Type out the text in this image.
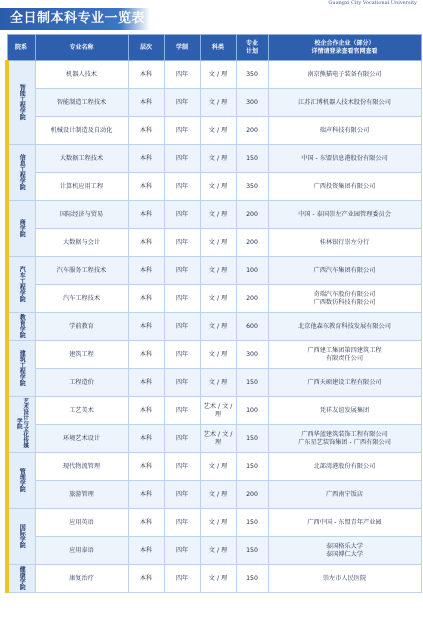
全日制本科专业一览表
Guangxi City Vocational University
院系	专业名称	层次	学制	科类	专业
计划	校企合作企业（部分）
详情请登录查看官网查看

智能工程学院	机器人技术	本科	四年	文 / 理	350	南京熊猫电子装备有限公司
	智能制造工程技术	本科	四年	文 / 理	300	江苏汇博机器人技术股份有限公司
	机械设计制造及自动化	本科	四年	文 / 理	200	瑞声科技有限公司
信息工程学院	大数据工程技术	本科	四年	文 / 理	150	中国 - 东盟信息港股份有限公司
	计算机应用工程	本科	四年	文 / 理	350	广西投资集团有限公司
商学院	国际经济与贸易	本科	四年	文 / 理	200	中国 - 泰国崇左产业园管理委员会
	大数据与会计	本科	四年	文 / 理	200	桂林银行崇左分行
汽车工程学院	汽车服务工程技术	本科	四年	文 / 理	100	广西汽车集团有限公司
	汽车工程技术	本科	四年	文 / 理	200	奇瑞汽车股份有限公司
广西数仿科技有限公司
教育学院	学前教育	本科	四年	文 / 理	600	北京他森东教育科技发展有限公司
建筑工程学院	建筑工程	本科	四年	文 / 理	300	广西建工集团第四建筑工程
有限责任公司
	工程造价	本科	四年	文 / 理	150	广西天硕建设工程有限公司
艺术设计与文化传媒学院	工艺美术	本科	四年	艺术 / 文 / 理	100	凭祥友谊发展集团
	环境艺术设计	本科	四年	艺术 / 文 / 理	150	广西华蓝建筑装饰工程有限公司
广东星艺装饰集团 - 广西有限公司
管理学院	现代物流管理	本科	四年	文 / 理	150	北部湾港股份有限公司
	旅游管理	本科	四年	文 / 理	200	广西南宁饭店
国际学院	应用英语	本科	四年	文 / 理	150	广西中国 - 东盟青年产业园
	应用泰语	本科	四年	文 / 理	150	泰国格乐大学
泰国博仁大学
健康学院	康复治疗	本科	四年	文 / 理	150	崇左市人民医院
